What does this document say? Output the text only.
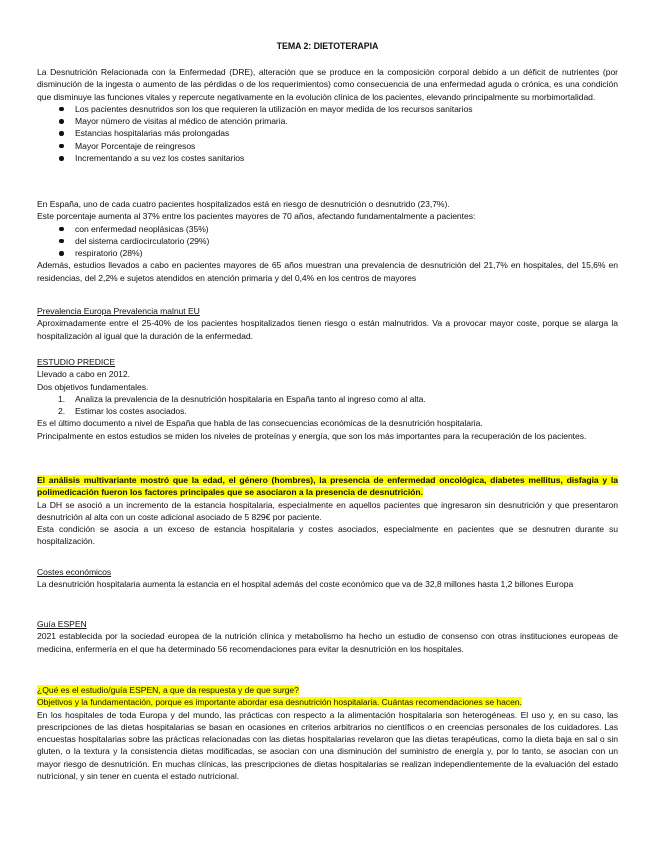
TEMA 2: DIETOTERAPIA

La Desnutrición Relacionada con la Enfermedad (DRE), alteración que se produce en la composición corporal debido a un déficit de nutrientes (por disminución de la ingesta o aumento de las pérdidas o de los requerimientos) como consecuencia de una enfermedad aguda o crónica, es una condición que disminuye las funciones vitales y repercute negativamente en la evolución clínica de los pacientes, elevando principalmente su morbimortalidad.

Los pacientes desnutridos son los que requieren la utilización en mayor medida de los recursos sanitarios
Mayor número de visitas al médico de atención primaria.
Estancias hospitalarias más prolongadas
Mayor Porcentaje de reingresos
Incrementando a su vez los costes sanitarios

En España, uno de cada cuatro pacientes hospitalizados está en riesgo de desnutrición o desnutrido (23,7%).

Este porcentaje aumenta al 37% entre los pacientes mayores de 70 años, afectando fundamentalmente a pacientes:

con enfermedad neoplásicas (35%)
del sistema cardiocirculatorio (29%)
respiratorio (28%)

Además, estudios llevados a cabo en pacientes mayores de 65 años muestran una prevalencia de desnutrición del 21,7% en hospitales, del 15,6% en residencias, del 2,2% e sujetos atendidos en atención primaria y del 0,4% en los centros de mayores

Prevalencia Europa Prevalencia malnut EU

Aproximadamente entre el 25-40% de los pacientes hospitalizados tienen riesgo o están malnutridos. Va a provocar mayor coste, porque se alarga la hospitalización al igual que la duración de la enfermedad.

ESTUDIO PREDICE

Llevado a cabo en 2012.

Dos objetivos fundamentales.

1. Analiza la prevalencia de la desnutrición hospitalaria en España tanto al ingreso como al alta.
2. Estimar los costes asociados.

Es el último documento a nivel de España que habla de las consecuencias económicas de la desnutrición hospitalaria.

Principalmente en estos estudios se miden los niveles de proteínas y energía, que son los más importantes para la recuperación de los pacientes.

El análisis multivariante mostró que la edad, el género (hombres), la presencia de enfermedad oncológica, diabetes mellitus, disfagia y la polimedicación fueron los factores principales que se asociaron a la presencia de desnutrición.

La DH se asoció a un incremento de la estancia hospitalaria, especialmente en aquellos pacientes que ingresaron sin desnutrición y que presentaron desnutrición al alta con un coste adicional asociado de 5 829€ por paciente.

Esta condición se asocia a un exceso de estancia hospitalaria y costes asociados, especialmente en pacientes que se desnutren durante su hospitalización.

Costes económicos

La desnutrición hospitalaria aumenta la estancia en el hospital además del coste económico que va de 32,8 millones hasta 1,2 billones Europa

Guía ESPEN

2021 establecida por la sociedad europea de la nutrición clínica y metabolismo ha hecho un estudio de consenso con otras instituciones europeas de medicina, enfermería en el que ha determinado 56 recomendaciones para evitar la desnutrición en los hospitales.

¿Qué es el estudio/guía ESPEN, a que da respuesta y de que surge?

Objetivos y la fundamentación, porque es importante abordar esa desnutrición hospitalaria. Cuántas recomendaciones se hacen.

En los hospitales de toda Europa y del mundo, las prácticas con respecto a la alimentación hospitalaria son heterogéneas. El uso y, en su caso, las prescripciones de las dietas hospitalarias se basan en ocasiones en criterios arbitrarios no científicos o en creencias personales de los cuidadores. Las encuestas hospitalarias sobre las prácticas relacionadas con las dietas hospitalarias revelaron que las dietas terapéuticas, como la dieta baja en sal o sin gluten, o la textura y la consistencia dietas modificadas, se asocian con una disminución del suministro de energía y, por lo tanto, se asocian con un mayor riesgo de desnutrición. En muchas clínicas, las prescripciones de dietas hospitalarias se realizan independientemente de la evaluación del estado nutricional, y sin tener en cuenta el estado nutricional.
